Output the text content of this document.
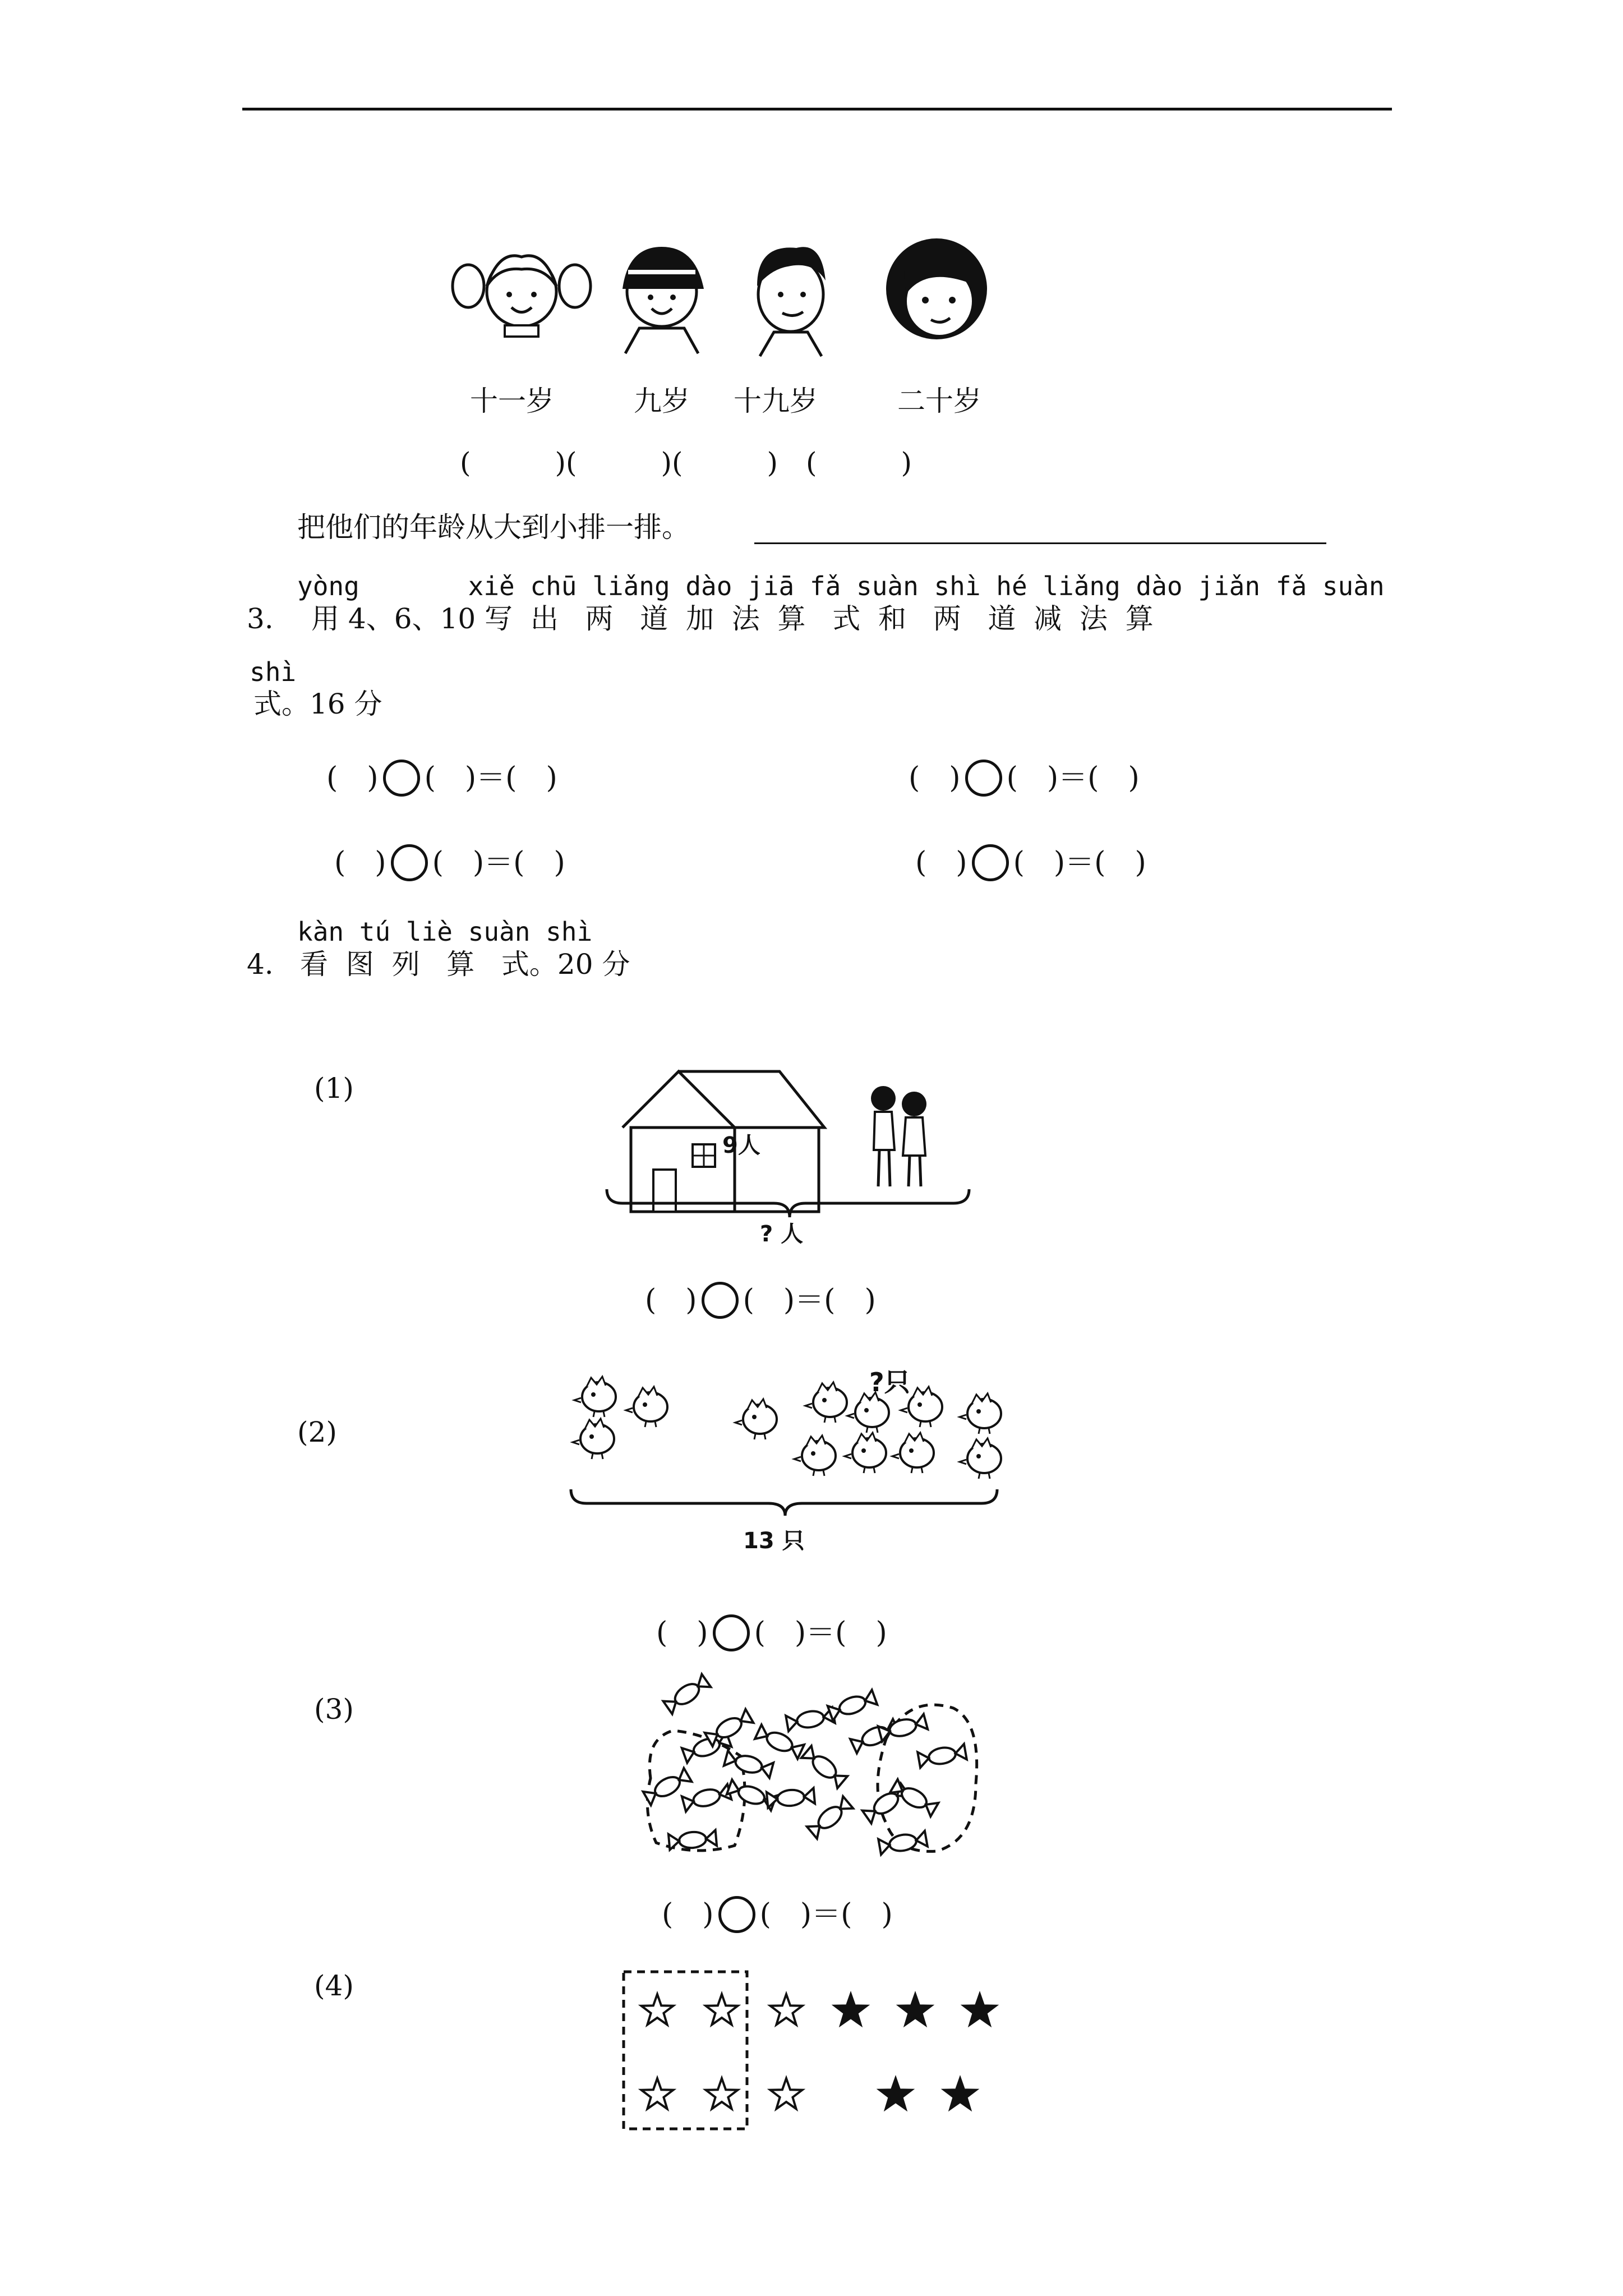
十一岁	九岁 十九岁	二十岁
(　　　)(　　　)(　　　)　(　　　)
把他们的年龄从大到小排一排。
yòng       xiě chū liǎng dào jiā fǎ suàn shì hé liǎng dào jiǎn fǎ suàn
3. 用 4、6、10 写  出   两   道  加  法  算   式  和   两   道  减  法  算
shì
式。16 分
(　) (　)＝(　)	(　) (　)＝(　)
(　) (　)＝(　)	(　) (　)＝(　)
kàn tú liè suàn shì
4. 看  图  列   算   式。20 分
(1)
9人
? 人
(　) (　)＝(　)
(2)
?只
13 只
(　) (　)＝(　)
(3)
(　) (　)＝(　)
(4)
